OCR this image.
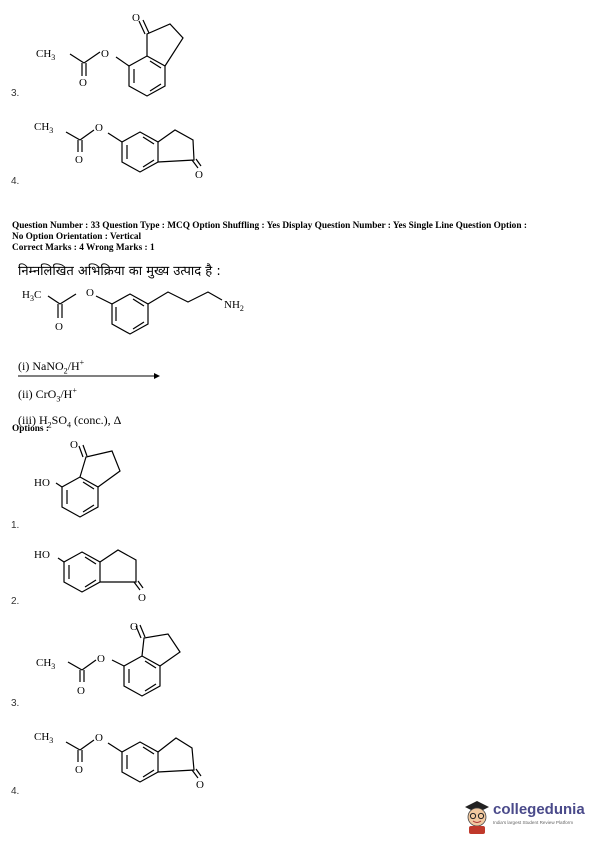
O
O
O
$CH_3$
3.
O
O
O
$CH_3$
4.
Question Number : 33 Question Type : MCQ Option Shuffling : Yes Display Question Number : Yes Single Line Question Option :
No Option Orientation : Vertical
Correct Marks : 4 Wrong Marks : 1
निम्नलिखित अभिक्रिया का मुख्य उत्पाद है :
$H_3C$	O
O
$NH_2$
(i) NaNO$_2$/H+
(ii) CrO$_3$/H+
(iii) $H_2SO_4$ (conc.), Δ
Options :
HO
O
1.
HO
O
2.
$CH_3$
O
O
O
3.
$CH_3$	O
O
O
4.
collegedunia
India's largest Student Review Platform
